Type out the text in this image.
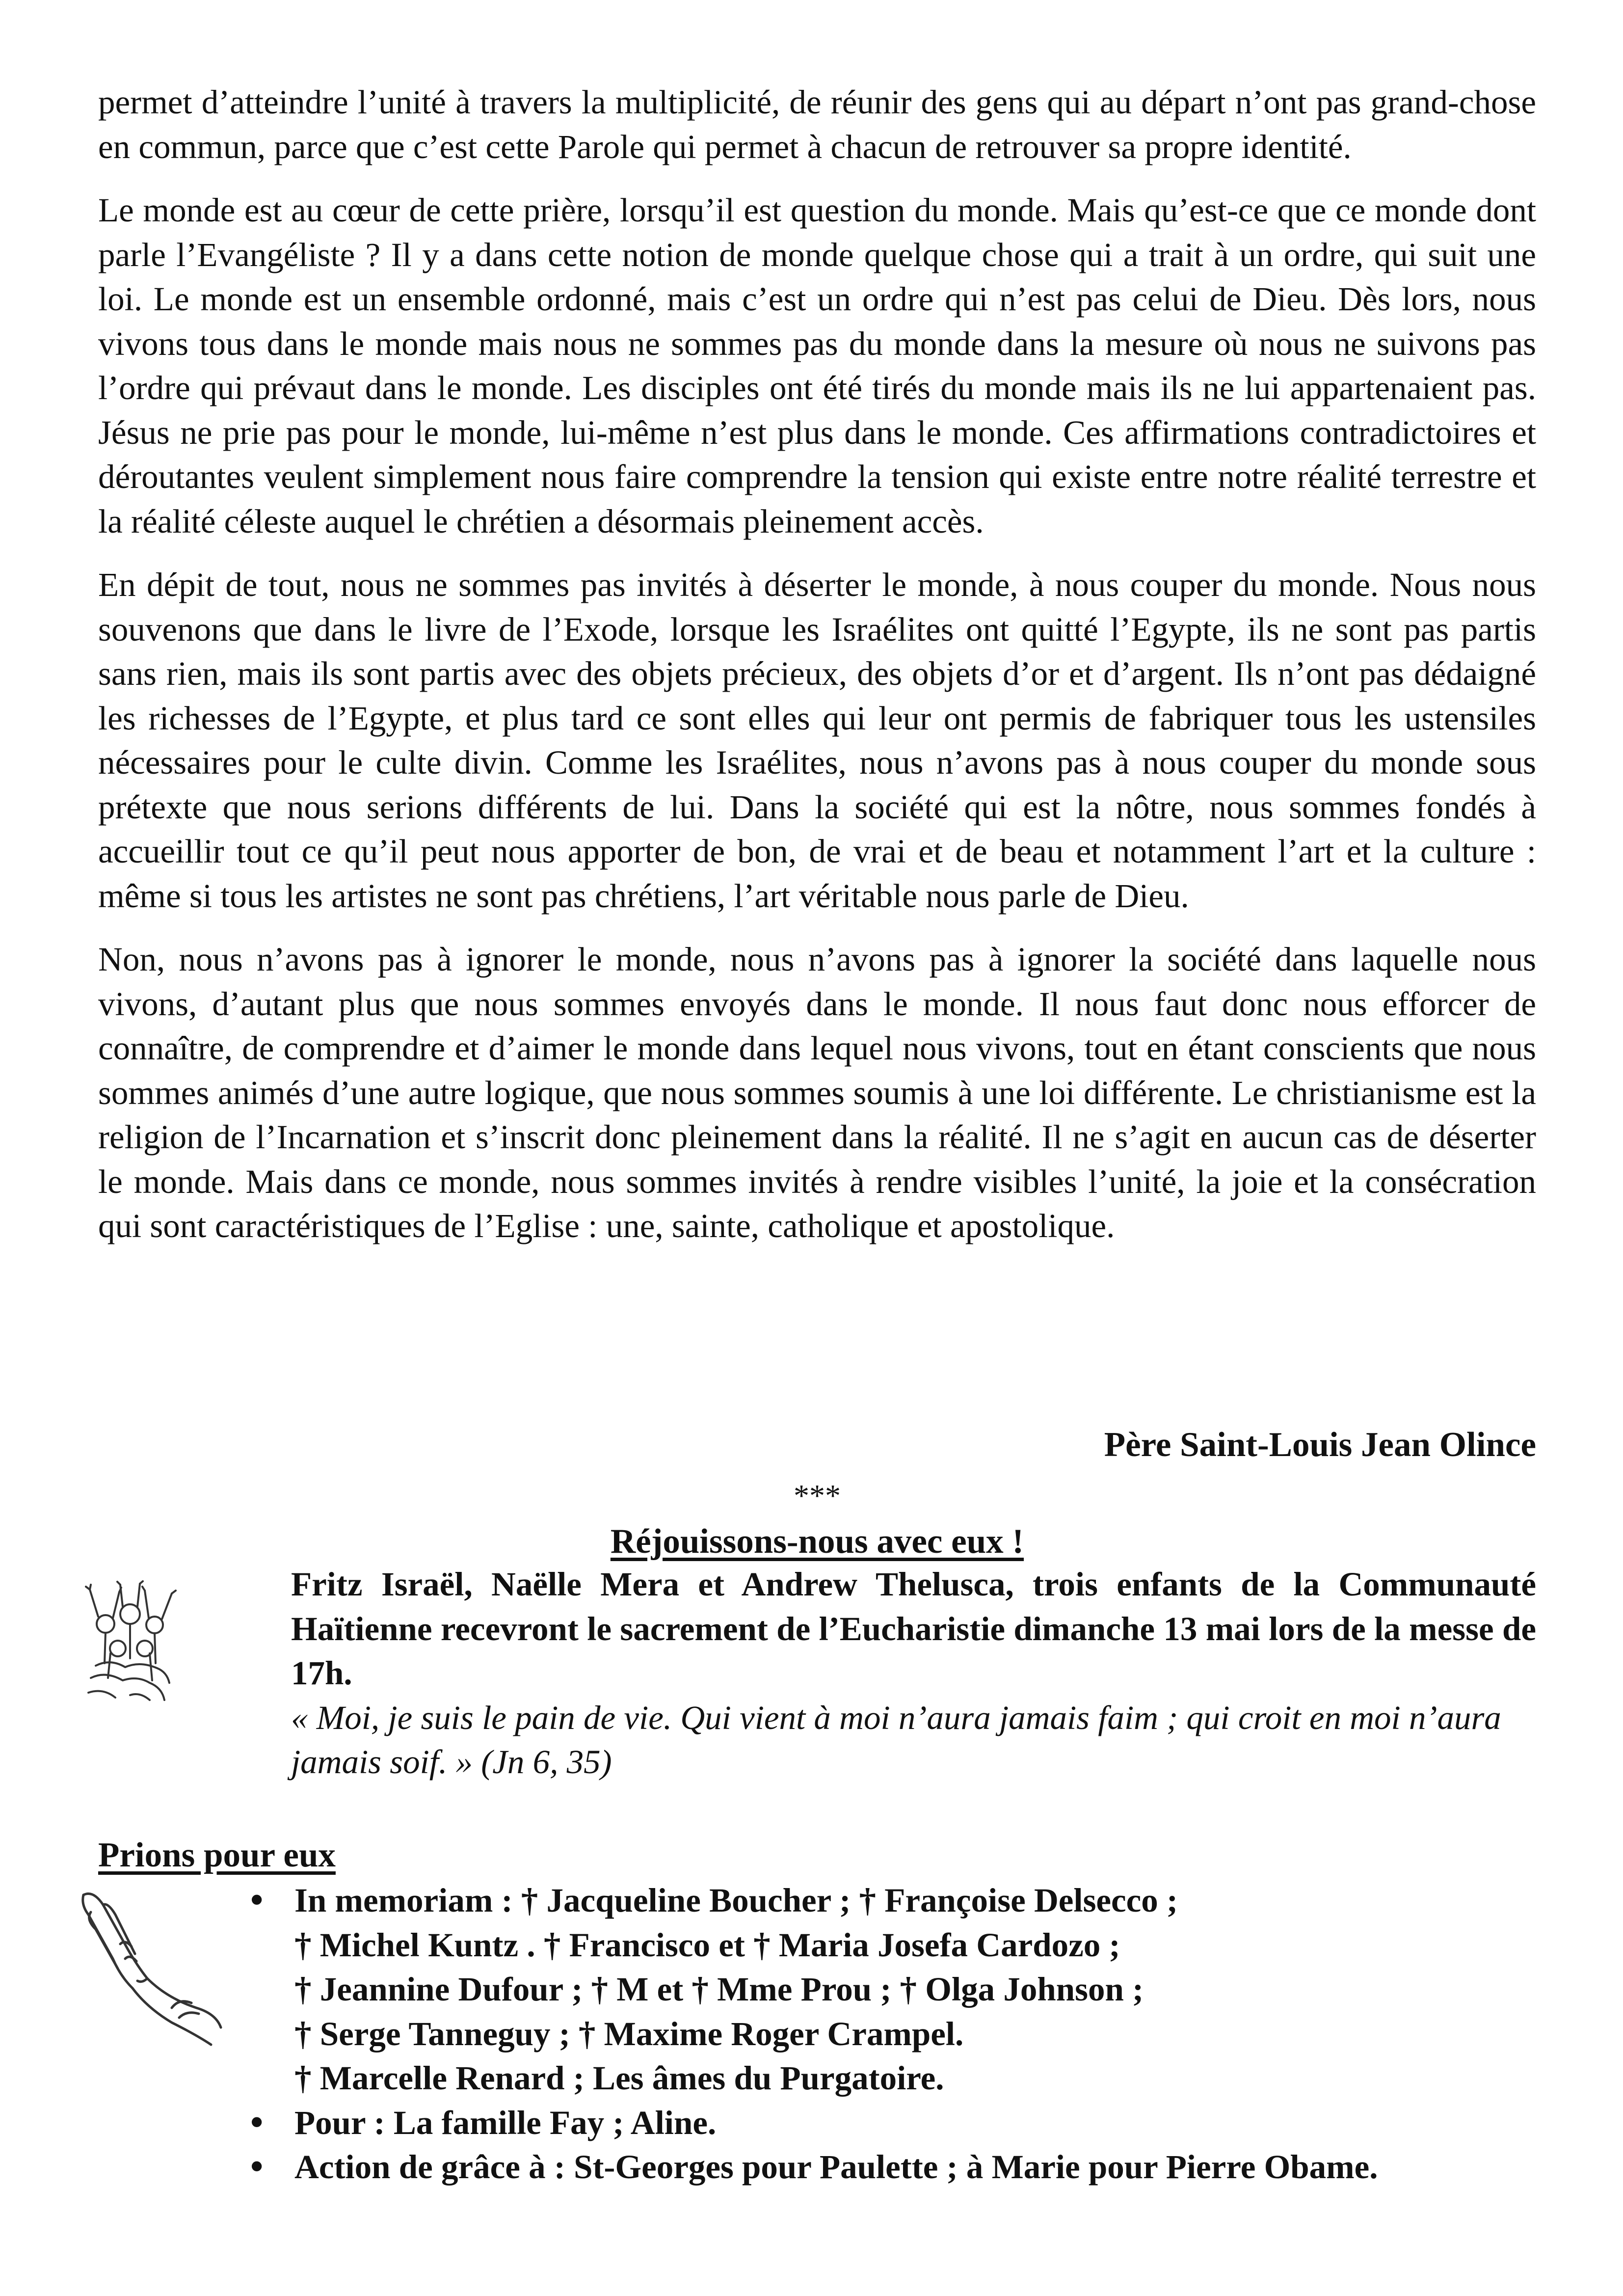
permet d’atteindre l’unité à travers la multiplicité, de réunir des gens qui au départ n’ont pas grand-chose en commun, parce que c’est cette Parole qui permet à chacun de retrouver sa propre identité.

Le monde est au cœur de cette prière, lorsqu’il est question du monde. Mais qu’est-ce que ce monde dont parle l’Evangéliste ? Il y a dans cette notion de monde quelque chose qui a trait à un ordre, qui suit une loi. Le monde est un ensemble ordonné, mais c’est un ordre qui n’est pas celui de Dieu. Dès lors, nous vivons tous dans le monde mais nous ne sommes pas du monde dans la mesure où nous ne suivons pas l’ordre qui prévaut dans le monde. Les disciples ont été tirés du monde mais ils ne lui appartenaient pas. Jésus ne prie pas pour le monde, lui-même n’est plus dans le monde. Ces affirmations contradictoires et déroutantes veulent simplement nous faire comprendre la tension qui existe entre notre réalité terrestre et la réalité céleste auquel le chrétien a désormais pleinement accès.

En dépit de tout, nous ne sommes pas invités à déserter le monde, à nous couper du monde. Nous nous souvenons que dans le livre de l’Exode, lorsque les Israélites ont quitté l’Egypte, ils ne sont pas partis sans rien, mais ils sont partis avec des objets précieux, des objets d’or et d’argent. Ils n’ont pas dédaigné les richesses de l’Egypte, et plus tard ce sont elles qui leur ont permis de fabriquer tous les ustensiles nécessaires pour le culte divin. Comme les Israélites, nous n’avons pas à nous couper du monde sous prétexte que nous serions différents de lui. Dans la société qui est la nôtre, nous sommes fondés à accueillir tout ce qu’il peut nous apporter de bon, de vrai et de beau et notamment l’art et la culture : même si tous les artistes ne sont pas chrétiens, l’art véritable nous parle de Dieu.

Non, nous n’avons pas à ignorer le monde, nous n’avons pas à ignorer la société dans laquelle nous vivons, d’autant plus que nous sommes envoyés dans le monde. Il nous faut donc nous efforcer de connaître, de comprendre et d’aimer le monde dans lequel nous vivons, tout en étant conscients que nous sommes animés d’une autre logique, que nous sommes soumis à une loi différente. Le christianisme est la religion de l’Incarnation et s’inscrit donc pleinement dans la réalité. Il ne s’agit en aucun cas de déserter le monde. Mais dans ce monde, nous sommes invités à rendre visibles l’unité, la joie et la consécration qui sont caractéristiques de l’Eglise : une, sainte, catholique et apostolique.

Père Saint-Louis Jean Olince
***
Réjouissons-nous avec eux !
Fritz Israël, Naëlle Mera et Andrew Thelusca, trois enfants de la Communauté Haïtienne recevront le sacrement de l’Eucharistie dimanche 13 mai lors de la messe de 17h.
« Moi, je suis le pain de vie. Qui vient à moi n’aura jamais faim ; qui croit en moi n’aura jamais soif. » (Jn 6, 35)
Prions pour eux
• In memoriam : † Jacqueline Boucher ; † Françoise Delsecco ;
† Michel Kuntz . † Francisco et † Maria Josefa Cardozo ;
† Jeannine Dufour ; † M et † Mme Prou ; † Olga Johnson ;
† Serge Tanneguy ; † Maxime Roger Crampel.
† Marcelle Renard ; Les âmes du Purgatoire.
• Pour : La famille Fay ; Aline.
• Action de grâce à : St-Georges pour Paulette ; à Marie pour Pierre Obame.
